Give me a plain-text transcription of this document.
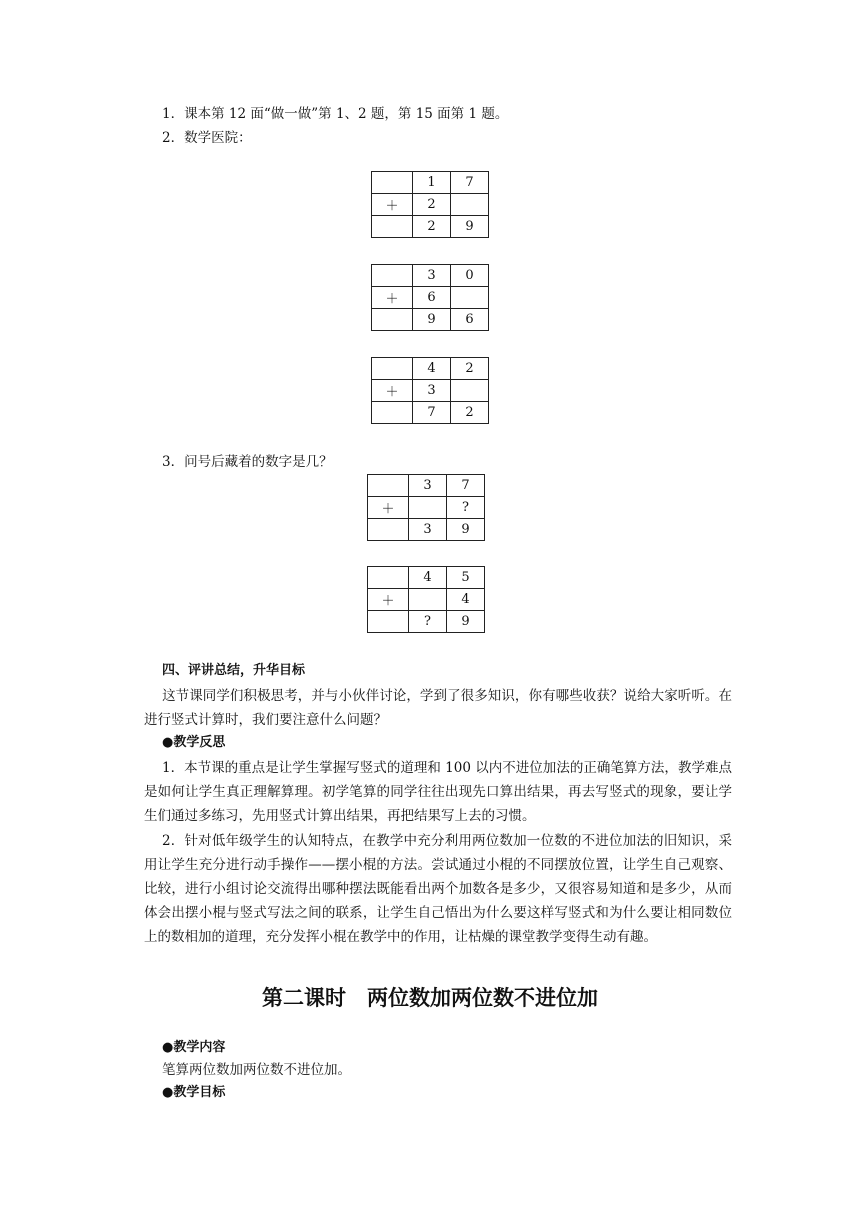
1．课本第 12 面“做一做”第 1、2 题，第 15 面第 1 题。
2．数学医院：
	1	7
＋	2	
	2	9
	3	0
＋	6	
	9	6
	4	2
＋	3	
	7	2
3．问号后藏着的数字是几？
	3	7
＋		?
	3	9
	4	5
＋		4
	?	9
四、评讲总结，升华目标
这节课同学们积极思考，并与小伙伴讨论，学到了很多知识，你有哪些收获？说给大家听听。在进行竖式计算时，我们要注意什么问题？
●教学反思
1．本节课的重点是让学生掌握写竖式的道理和 100 以内不进位加法的正确笔算方法，教学难点是如何让学生真正理解算理。初学笔算的同学往往出现先口算出结果，再去写竖式的现象，要让学生们通过多练习，先用竖式计算出结果，再把结果写上去的习惯。
2．针对低年级学生的认知特点，在教学中充分利用两位数加一位数的不进位加法的旧知识，采用让学生充分进行动手操作——摆小棍的方法。尝试通过小棍的不同摆放位置，让学生自己观察、比较，进行小组讨论交流得出哪种摆法既能看出两个加数各是多少，又很容易知道和是多少，从而体会出摆小棍与竖式写法之间的联系，让学生自己悟出为什么要这样写竖式和为什么要让相同数位上的数相加的道理，充分发挥小棍在教学中的作用，让枯燥的课堂教学变得生动有趣。
第二课时　两位数加两位数不进位加
●教学内容
笔算两位数加两位数不进位加。
●教学目标
